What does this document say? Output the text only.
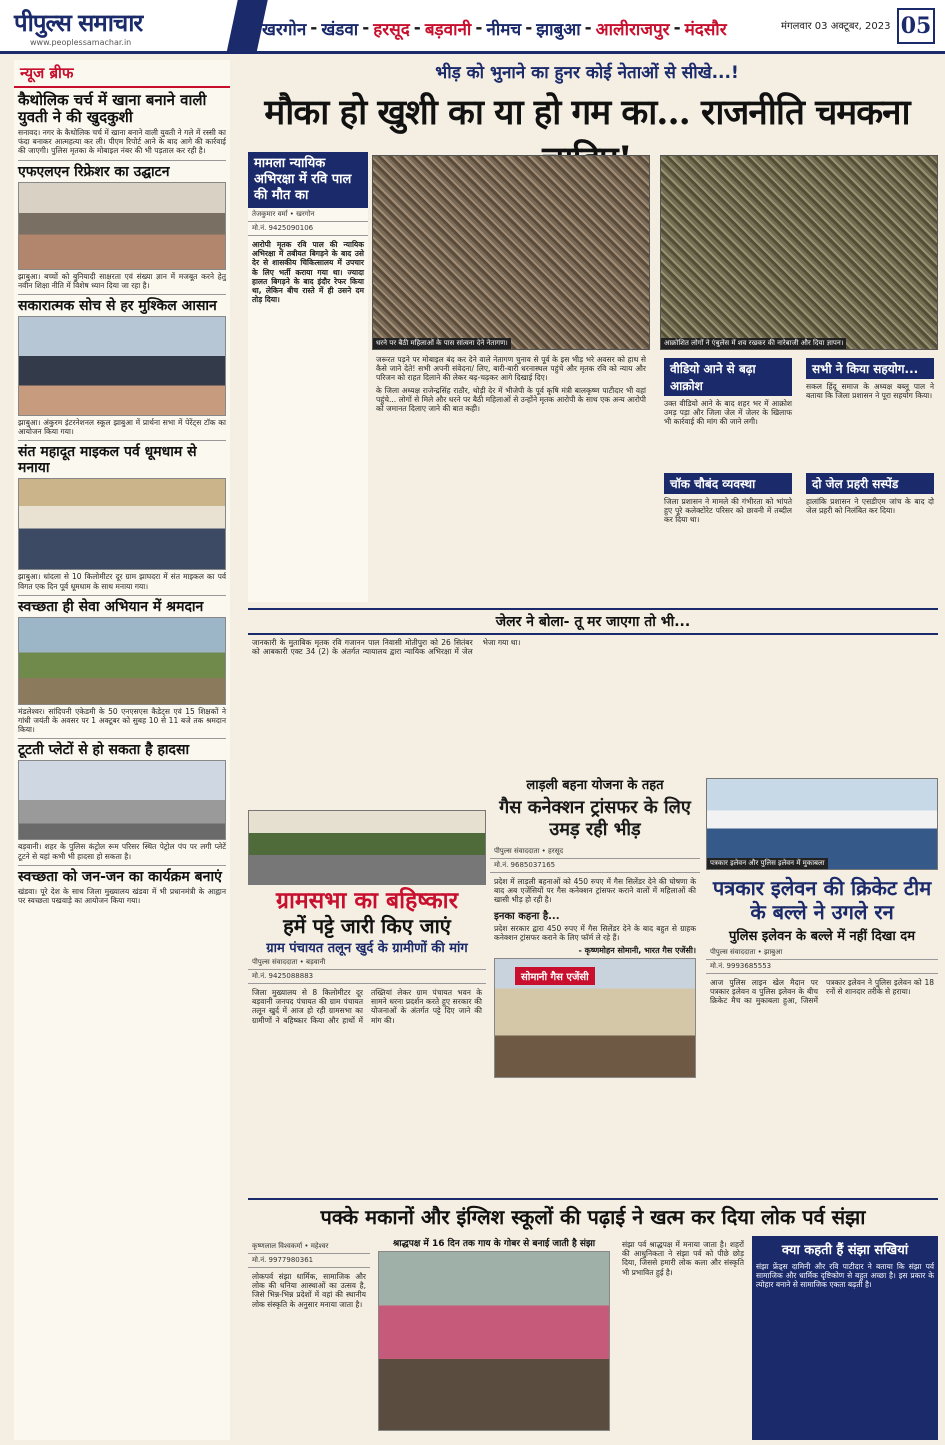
पीपुल्स समाचार
www.peoplessamachar.in
खरगोन - खंडवा - हरसूद - बड़वानी - नीमच - झाबुआ - आलीराजपुर - मंदसौर	मंगलवार 03 अक्टूबर, 2023 05
न्यूज ब्रीफ
कैथोलिक चर्च में खाना बनाने वाली युवती ने की खुदकुशी
सनावद। नगर के कैथोलिक चर्च में खाना बनाने वाली युवती ने गले में रस्सी का फंदा बनाकर आत्महत्या कर ली। पीएम रिपोर्ट आने के बाद आगे की कार्रवाई की जाएगी। पुलिस मृतका के मोबाइल नंबर की भी पड़ताल कर रही है।
एफएलएन रिफ्रेशर का उद्घाटन
झाबुआ। बच्चों को बुनियादी साक्षरता एवं संख्या ज्ञान में मजबूत करने हेतु नवीन शिक्षा नीति में विशेष ध्यान दिया जा रहा है।
सकारात्मक सोच से हर मुश्किल आसान
झाबुआ। अंकुरम इंटरनेशनल स्कूल झाबुआ में प्रार्थना सभा में पेरेंट्स टॉक का आयोजन किया गया।
संत महादूत माइकल पर्व धूमधाम से मनाया
झाबुआ। धांदला से 10 किलोमीटर दूर ग्राम झाघदरा में संत माइकल का पर्व विगत एक दिन पूर्व धूमधाम के साथ मनाया गया।
स्वच्छता ही सेवा अभियान में श्रमदान
मंडलेश्वर। सांदिपनी एकेडमी के 50 एनएसएस कैडेट्स एवं 15 शिक्षकों ने गांधी जयंती के अवसर पर 1 अक्टूबर को सुबह 10 से 11 बजे तक श्रमदान किया।
टूटती प्लेटों से हो सकता है हादसा
बड़वानी। शहर के पुलिस कंट्रोल रूम परिसर स्थित पेट्रोल पंप पर लगी प्लेटें टूटने से यहां कभी भी हादसा हो सकता है।
स्वच्छता को जन-जन का कार्यक्रम बनाएं
खंडवा। पूरे देश के साथ जिला मुख्यालय खंडवा में भी प्रधानमंत्री के आह्वान पर स्वच्छता पखवाड़े का आयोजन किया गया।
भीड़ को भुनाने का हुनर कोई नेताओं से सीखे...!
मौका हो खुशी का या हो गम का... राजनीति चमकना
मामला न्यायिक अभिरक्षा में रवि पाल की मौत का
तेजकुमार वर्मा • खरगोन
मो.नं. 9425090106
आरोपी मृतक रवि पाल की न्यायिक अभिरक्षा में तबीयत बिगड़ने के बाद उसे देर से शासकीय चिकित्सालय में उपचार के लिए भर्ती कराया गया था। ज्यादा हालत बिगड़ने के बाद इंदौर रेफर किया था, लेकिन बीच रास्ते में ही उसने दम तोड़ दिया।
धरने पर बैठी महिलाओं के पास सांत्वना देने नेतागण।	आक्रोशित लोगों ने एंबुलेंस में शव रखकर की नारेबाजी और दिया ज्ञापन।
जरूरत पड़ने पर मोबाइल बंद कर देने वाले नेतागण चुनाव से पूर्व के इस भीड़ भरे अवसर को हाथ से कैसे जाने देते! सभी अपनी संवेदना/ लिए, बारी-बारी धरनास्थल पहुंचे और मृतक रवि को न्याय और परिजन को राहत दिलाने की लेकर बढ़-चढ़कर आगे दिखाई दिए।
के जिला अध्यक्ष राजेन्द्रसिंह राठौर, थोड़ी देर में भीजेपी के पूर्व कृषि मंत्री बालकृष्ण पाटीदार भी वहां पहुंचे... लोगों से मिले और धरने पर बैठी महिलाओं से उन्होंने मृतक आरोपी के साथ एक अन्य आरोपी को जमानत दिलाए जाने की बात कही।
वीडियो आने से बढ़ा आक्रोश
उक्त वीडियो आने के बाद शहर भर में आक्रोश उमड़ पड़ा और जिला जेल में जेलर के खिलाफ भी कार्रवाई की मांग की जाने लगी।
सभी ने किया सहयोग...
सकल हिंदू समाज के अध्यक्ष बब्लू पाल ने बताया कि जिला प्रशासन ने पूरा सहयोग किया।
चॉक चौबंद व्यवस्था
जिला प्रशासन ने मामले की गंभीरता को भांपते हुए पूरे कलेक्टोरेट परिसर को छावनी में तब्दील कर दिया था।
दो जेल प्रहरी सस्पेंड
हालांकि प्रशासन ने एसडीएम जांच के बाद दो जेल प्रहरी को निलंबित कर दिया।
जेलर ने बोला- तू मर जाएगा तो भी...
जानकारी के मुताबिक मृतक रवि गजानन पाल निवासी मोतीपुरा को 26 सितंबर को आबकारी एक्ट 34 (2) के अंतर्गत न्यायालय द्वारा न्यायिक अभिरक्षा में जेल भेजा गया था।
ग्रामसभा का बहिष्कार
हमें पट्टे जारी किए जाएं
ग्राम पंचायत तलून खुर्द के ग्रामीणों की मांग
पीपुल्स संवाददाता • बड़वानी
मो.नं. 9425088883
जिला मुख्यालय से 8 किलोमीटर दूर बड़वानी जनपद पंचायत की ग्राम पंचायत तलून खुर्द में आज हो रही ग्रामसभा का ग्रामीणों ने बहिष्कार किया और हाथों में तख्तियां लेकर ग्राम पंचायत भवन के सामने धरना प्रदर्शन करते हुए सरकार की योजनाओं के अंतर्गत पट्टे दिए जाने की मांग की।
लाड़ली बहना योजना के तहत
गैस कनेक्शन ट्रांसफर के लिए उमड़ रही भीड़
पीपुल्स संवाददाता • हरसूद
मो.नं. 9685037165
प्रदेश में लाड़ली बहनाओं को 450 रुपए में गैस सिलेंडर देने की घोषणा के बाद अब एजेंसियों पर गैस कनेक्शन ट्रांसफर कराने वालों में महिलाओं की खासी भीड़ हो रही है।
इनका कहना है...
प्रदेश सरकार द्वारा 450 रुपए में गैस सिलेंडर देने के बाद बहुत से ग्राहक कनेक्शन ट्रांसफर कराने के लिए फॉर्म ले रहे हैं।
- कृष्णमोहन सोमानी, भारत गैस एजेंसी।
सोमानी गैस एजेंसी
पत्रकार इलेवन और पुलिस इलेवन में मुकाबला
पत्रकार इलेवन की क्रिकेट टीम के बल्ले ने उगले रन
पुलिस इलेवन के बल्ले में नहीं दिखा दम
पीपुल्स संवाददाता • झाबुआ
मो.नं. 9993685553
आज पुलिस लाइन खेल मैदान पर पत्रकार इलेवन व पुलिस इलेवन के बीच क्रिकेट मैच का मुकाबला हुआ, जिसमें पत्रकार इलेवन ने पुलिस इलेवन को 18 रनों से शानदार तरीके से हराया।
पक्के मकानों और इंग्लिश स्कूलों की पढ़ाई ने खत्म कर दिया लोक पर्व संझा
कृष्णलाल विश्वकर्मा • महेश्वर
मो.नं. 9977980361
लोकपर्व संझा धार्मिक, सामाजिक और लोक की धनिया आस्थाओं का उत्सव है, जिसे भिन्न-भिन्न प्रदेशों में वहां की स्थानीय लोक संस्कृति के अनुसार मनाया जाता है।
श्राद्धपक्ष में 16 दिन तक गाय के गोबर से बनाई जाती है संझा	संझा पर्व श्राद्धपक्ष में मनाया जाता है। शहरों की आधुनिकता ने संझा पर्व को पीछे छोड़ दिया, जिससे हमारी लोक कला और संस्कृति भी प्रभावित हुई है।
क्या कहती हैं संझा सखियां
संझा फ्रेंड्स दामिनी और रवि पाटीदार ने बताया कि संझा पर्व सामाजिक और धार्मिक दृष्टिकोण से बहुत अच्छा है। इस प्रकार के त्योहार बनाने से सामाजिक एकता बढ़ती है।
